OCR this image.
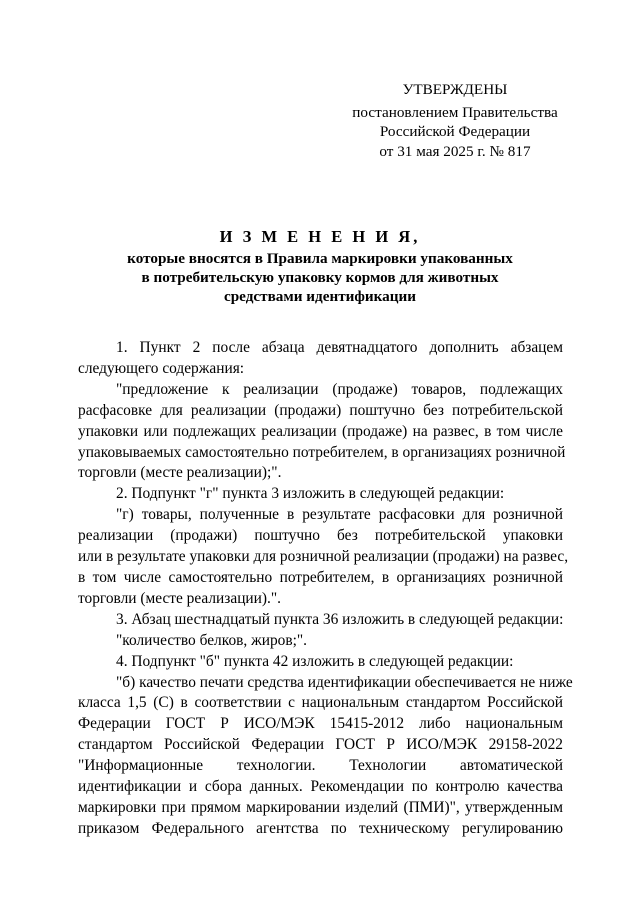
УТВЕРЖДЕНЫ
постановлением Правительства
Российской Федерации
от 31 мая 2025 г. № 817
И З М Е Н Е Н И Я,
которые вносятся в Правила маркировки упакованных
в потребительскую упаковку кормов для животных
средствами идентификации

1. Пункт 2 после абзаца девятнадцатого дополнить абзацем

следующего содержания:

"предложение к реализации (продаже) товаров, подлежащих

расфасовке для реализации (продажи) поштучно без потребительской

упаковки или подлежащих реализации (продаже) на развес, в том числе

упаковываемых самостоятельно потребителем, в организациях розничной

торговли (месте реализации);".

2. Подпункт "г" пункта 3 изложить в следующей редакции:

"г) товары, полученные в результате расфасовки для розничной

реализации (продажи) поштучно без потребительской упаковки

или в результате упаковки для розничной реализации (продажи) на развес,

в том числе самостоятельно потребителем, в организациях розничной

торговли (месте реализации).".

3. Абзац шестнадцатый пункта 36 изложить в следующей редакции:

"количество белков, жиров;".

4. Подпункт "б" пункта 42 изложить в следующей редакции:

"б) качество печати средства идентификации обеспечивается не ниже

класса 1,5 (C) в соответствии с национальным стандартом Российской

Федерации ГОСТ Р ИСО/МЭК 15415-2012 либо национальным

стандартом Российской Федерации ГОСТ Р ИСО/МЭК 29158-2022

"Информационные технологии. Технологии автоматической

идентификации и сбора данных. Рекомендации по контролю качества

маркировки при прямом маркировании изделий (ПМИ)", утвержденным

приказом Федерального агентства по техническому регулированию
